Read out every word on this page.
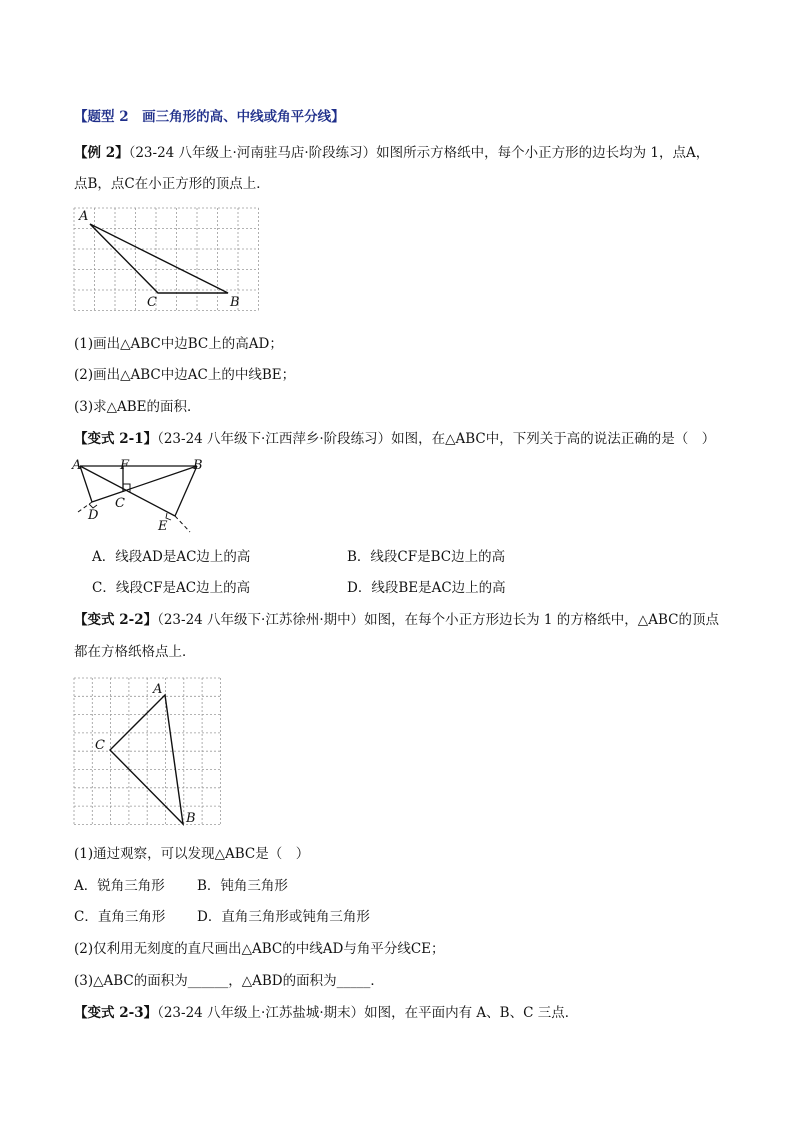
【题型 2　画三角形的高、中线或角平分线】
【例 2】（23-24 八年级上·河南驻马店·阶段练习）如图所示方格纸中，每个小正方形的边长均为 1，点A，
点B，点C在小正方形的顶点上．
A
C	B
(1)画出△ABC中边BC上的高AD；
(2)画出△ABC中边AC上的中线BE；
(3)求△ABE的面积．
【变式 2-1】（23-24 八年级下·江西萍乡·阶段练习）如图，在△ABC中，下列关于高的说法正确的是（　）
A	F	B
C
D
E
A．线段AD是AC边上的高	B．线段CF是BC边上的高
C．线段CF是AC边上的高	D．线段BE是AC边上的高
【变式 2-2】（23-24 八年级下·江苏徐州·期中）如图，在每个小正方形边长为 1 的方格纸中，△ABC的顶点
都在方格纸格点上．
A
C
B
(1)通过观察，可以发现△ABC是（　）
A．锐角三角形 B．钝角三角形
C．直角三角形 D．直角三角形或钝角三角形
(2)仅利用无刻度的直尺画出△ABC的中线AD与角平分线CE；
(3)△ABC的面积为______，△ABD的面积为_____．
【变式 2-3】（23-24 八年级上·江苏盐城·期末）如图，在平面内有 A、B、C 三点．
